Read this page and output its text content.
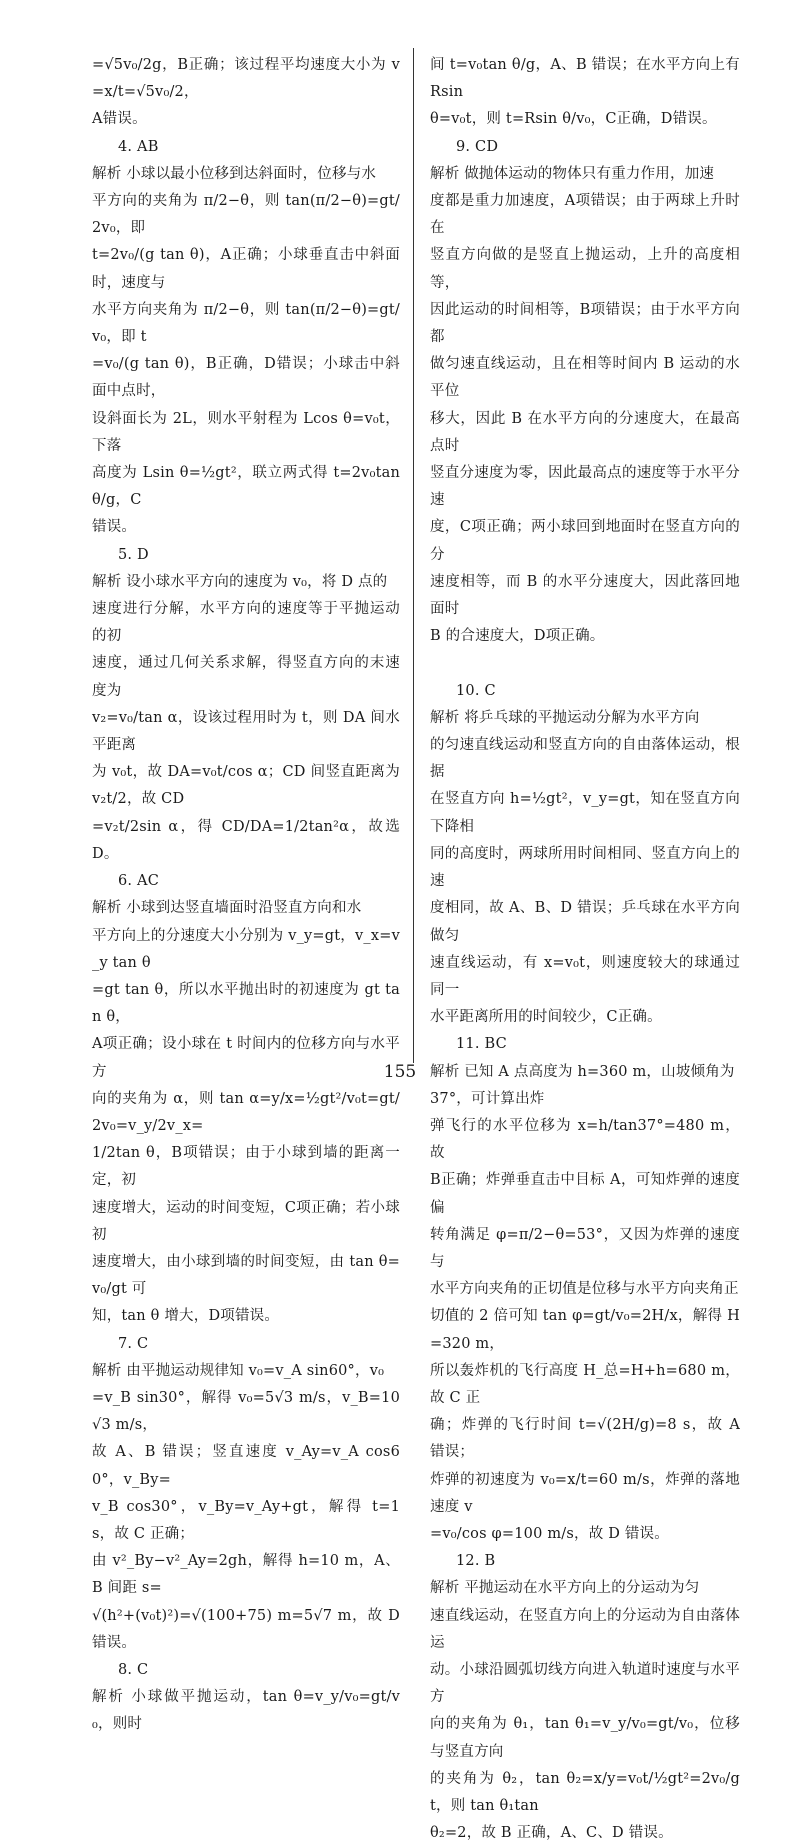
=√5v₀/2g，B正确；该过程平均速度大小为 v=x/t=√5v₀/2，

A错误。

4. AB

解析 小球以最小位移到达斜面时，位移与水

平方向的夹角为 π/2−θ，则 tan(π/2−θ)=gt/2v₀，即

t=2v₀/(g tan θ)，A正确；小球垂直击中斜面时，速度与

水平方向夹角为 π/2−θ，则 tan(π/2−θ)=gt/v₀，即 t

=v₀/(g tan θ)，B正确，D错误；小球击中斜面中点时，

设斜面长为 2L，则水平射程为 Lcos θ=v₀t，下落

高度为 Lsin θ=½gt²，联立两式得 t=2v₀tan θ/g，C

错误。

5. D

解析 设小球水平方向的速度为 v₀，将 D 点的

速度进行分解，水平方向的速度等于平抛运动的初

速度，通过几何关系求解，得竖直方向的末速度为

v₂=v₀/tan α，设该过程用时为 t，则 DA 间水平距离

为 v₀t，故 DA=v₀t/cos α；CD 间竖直距离为 v₂t/2，故 CD

=v₂t/2sin α，得 CD/DA=1/2tan²α，故选 D。

6. AC

解析 小球到达竖直墙面时沿竖直方向和水

平方向上的分速度大小分别为 v_y=gt，v_x=v_y tan θ

=gt tan θ，所以水平抛出时的初速度为 gt tan θ，

A项正确；设小球在 t 时间内的位移方向与水平方

向的夹角为 α，则 tan α=y/x=½gt²/v₀t=gt/2v₀=v_y/2v_x=

1/2tan θ，B项错误；由于小球到墙的距离一定，初

速度增大，运动的时间变短，C项正确；若小球初

速度增大，由小球到墙的时间变短，由 tan θ=v₀/gt 可

知，tan θ 增大，D项错误。

7. C

解析 由平抛运动规律知 v₀=v_A sin60°，v₀

=v_B sin30°，解得 v₀=5√3 m/s，v_B=10√3 m/s，

故 A、B 错误；竖直速度 v_Ay=v_A cos60°，v_By=

v_B cos30°，v_By=v_Ay+gt，解得 t=1 s，故 C 正确；

由 v²_By−v²_Ay=2gh，解得 h=10 m，A、B 间距 s=

√(h²+(v₀t)²)=√(100+75) m=5√7 m，故 D 错误。

8. C

解析 小球做平抛运动，tan θ=v_y/v₀=gt/v₀，则时

间 t=v₀tan θ/g，A、B 错误；在水平方向上有 Rsin

θ=v₀t，则 t=Rsin θ/v₀，C正确，D错误。

9. CD

解析 做抛体运动的物体只有重力作用，加速

度都是重力加速度，A项错误；由于两球上升时在

竖直方向做的是竖直上抛运动，上升的高度相等，

因此运动的时间相等，B项错误；由于水平方向都

做匀速直线运动，且在相等时间内 B 运动的水平位

移大，因此 B 在水平方向的分速度大，在最高点时

竖直分速度为零，因此最高点的速度等于水平分速

度，C项正确；两小球回到地面时在竖直方向的分

速度相等，而 B 的水平分速度大，因此落回地面时

B 的合速度大，D项正确。

10. C

解析 将乒乓球的平抛运动分解为水平方向

的匀速直线运动和竖直方向的自由落体运动，根据

在竖直方向 h=½gt²，v_y=gt，知在竖直方向下降相

同的高度时，两球所用时间相同、竖直方向上的速

度相同，故 A、B、D 错误；乒乓球在水平方向做匀

速直线运动，有 x=v₀t，则速度较大的球通过同一

水平距离所用的时间较少，C正确。

11. BC

解析 已知 A 点高度为 h=360 m，山坡倾角为

37°，可计算出炸

弹飞行的水平位移为 x=h/tan37°=480 m，故

B正确；炸弹垂直击中目标 A，可知炸弹的速度偏

转角满足 φ=π/2−θ=53°，又因为炸弹的速度与

水平方向夹角的正切值是位移与水平方向夹角正

切值的 2 倍可知 tan φ=gt/v₀=2H/x，解得 H=320 m，

所以轰炸机的飞行高度 H_总=H+h=680 m，故 C 正

确；炸弹的飞行时间 t=√(2H/g)=8 s，故 A 错误；

炸弹的初速度为 v₀=x/t=60 m/s，炸弹的落地速度 v

=v₀/cos φ=100 m/s，故 D 错误。

12. B

解析 平抛运动在水平方向上的分运动为匀

速直线运动，在竖直方向上的分运动为自由落体运

动。小球沿圆弧切线方向进入轨道时速度与水平方

向的夹角为 θ₁，tan θ₁=v_y/v₀=gt/v₀，位移与竖直方向

的夹角为 θ₂，tan θ₂=x/y=v₀t/½gt²=2v₀/gt，则 tan θ₁tan

θ₂=2，故 B 正确，A、C、D 错误。

155
